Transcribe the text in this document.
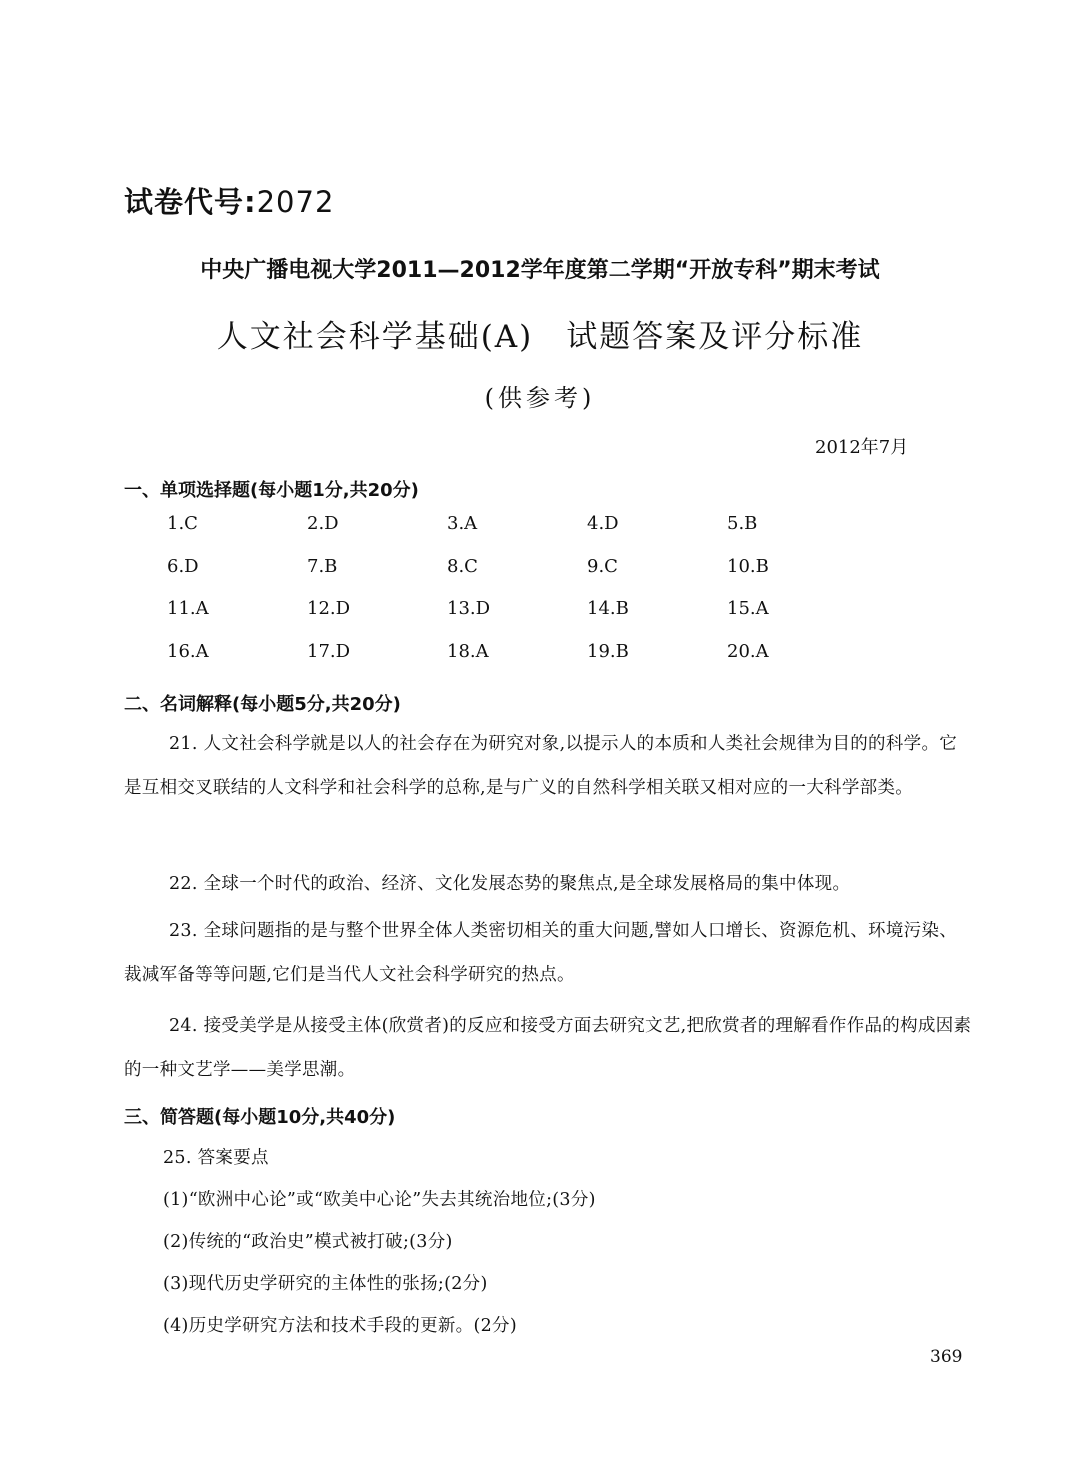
试卷代号:2072
中央广播电视大学2011—2012学年度第二学期“开放专科”期末考试
人文社会科学基础(A)　试题答案及评分标准
(供参考)
2012年7月
一、单项选择题(每小题1分,共20分)
1.C	2.D	3.A	4.D	5.B
6.D	7.B	8.C	9.C	10.B
11.A	12.D	13.D	14.B	15.A
16.A	17.D	18.A	19.B	20.A
二、名词解释(每小题5分,共20分)
21. 人文社会科学就是以人的社会存在为研究对象,以提示人的本质和人类社会规律为目的的科学。它是互相交叉联结的人文科学和社会科学的总称,是与广义的自然科学相关联又相对应的一大科学部类。
22. 全球一个时代的政治、经济、文化发展态势的聚焦点,是全球发展格局的集中体现。
23. 全球问题指的是与整个世界全体人类密切相关的重大问题,譬如人口增长、资源危机、环境污染、裁减军备等等问题,它们是当代人文社会科学研究的热点。
24. 接受美学是从接受主体(欣赏者)的反应和接受方面去研究文艺,把欣赏者的理解看作作品的构成因素的一种文艺学——美学思潮。
三、简答题(每小题10分,共40分)
25. 答案要点
(1)“欧洲中心论”或“欧美中心论”失去其统治地位;(3分)
(2)传统的“政治史”模式被打破;(3分)
(3)现代历史学研究的主体性的张扬;(2分)
(4)历史学研究方法和技术手段的更新。(2分)
369
